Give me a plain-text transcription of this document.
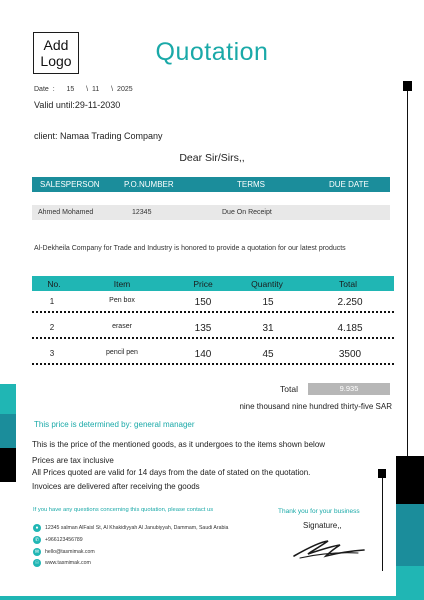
Add
Logo	Quotation
Date : 15 \ 11 \ 2025
Valid until:29-11-2030
client: Namaa Trading Company
Dear Sir/Sirs,,
SALESPERSON	P.O.NUMBER	TERMS	DUE DATE
Ahmed Mohamed	12345	Due On Receipt
Al-Dekheila Company for Trade and Industry is honored to provide a quotation for our latest products
No.	Item	Price	Quantity	Total
1	Pen box	150	15	2.250
2	eraser	135	31	4.185
3	pencil pen	140	45	3500
Total	9.935
nine thousand nine hundred thirty-five SAR
This price is determined by: general manager
This is the price of the mentioned goods, as it undergoes to the items shown below
Prices are tax inclusive
All Prices quoted are valid for 14 days from the date of stated on the quotation.
Invoices are delivered after receiving the goods
If you have any questions concerning this quotation, please contact us	Thank you for your business
Signature,,
●	12345 salman AlFaisl St, Al Khakidiyyah Al Janubiyyah, Dammam, Saudi Arabia
✆	+966123456789
✉	hello@tasmimak.com
☉	www.tasmimak.com
